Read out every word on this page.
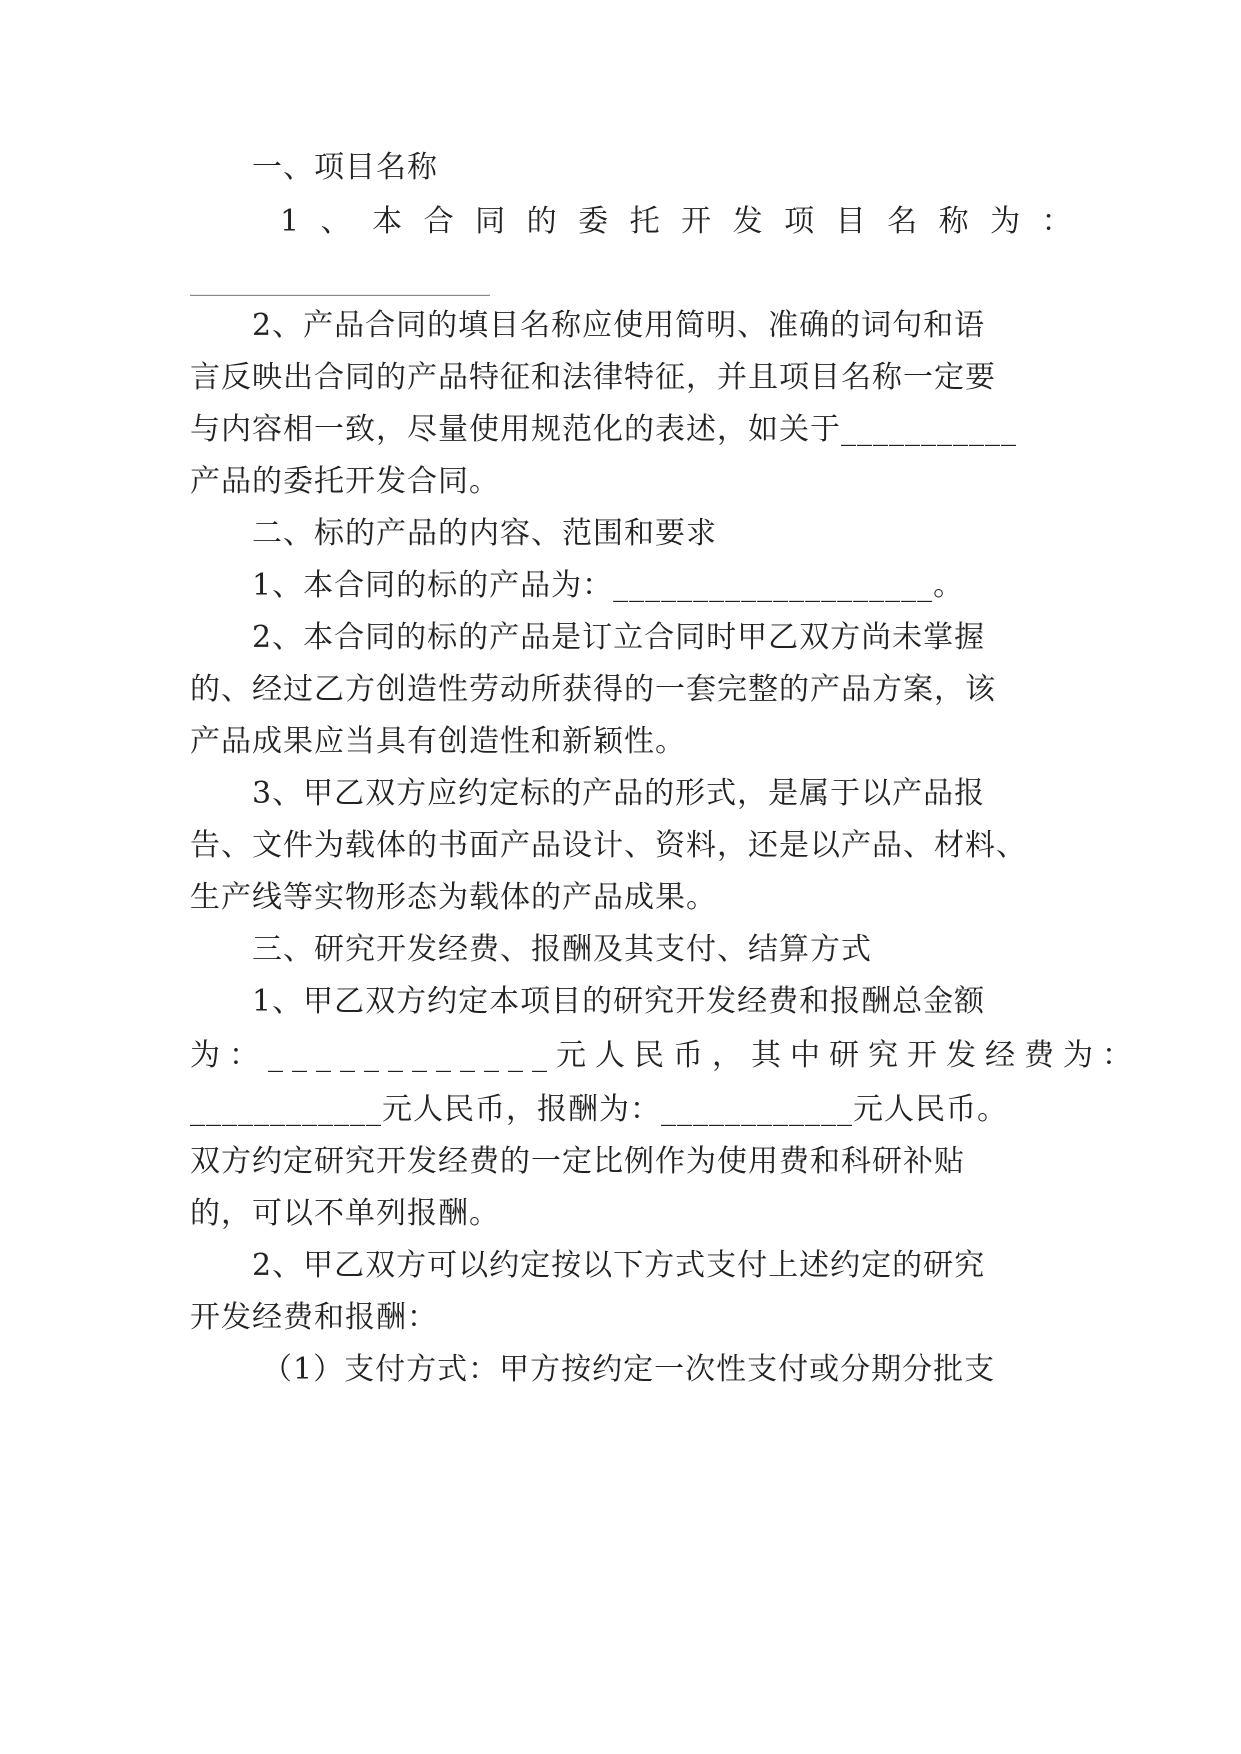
一、项目名称
1、本合同的委托开发项目名称为：
____________________
2、产品合同的填目名称应使用简明、准确的词句和语
言反映出合同的产品特征和法律特征，并且项目名称一定要
与内容相一致，尽量使用规范化的表述，如关于___________
产品的委托开发合同。
二、标的产品的内容、范围和要求
1、本合同的标的产品为：____________________。
2、本合同的标的产品是订立合同时甲乙双方尚未掌握
的、经过乙方创造性劳动所获得的一套完整的产品方案，该
产品成果应当具有创造性和新颖性。
3、甲乙双方应约定标的产品的形式，是属于以产品报
告、文件为载体的书面产品设计、资料，还是以产品、材料、
生产线等实物形态为载体的产品成果。
三、研究开发经费、报酬及其支付、结算方式
1、甲乙双方约定本项目的研究开发经费和报酬总金额
为：____________元人民币，其中研究开发经费为：
____________元人民币，报酬为：____________元人民币。
双方约定研究开发经费的一定比例作为使用费和科研补贴
的，可以不单列报酬。
2、甲乙双方可以约定按以下方式支付上述约定的研究
开发经费和报酬：
（1）支付方式：甲方按约定一次性支付或分期分批支
